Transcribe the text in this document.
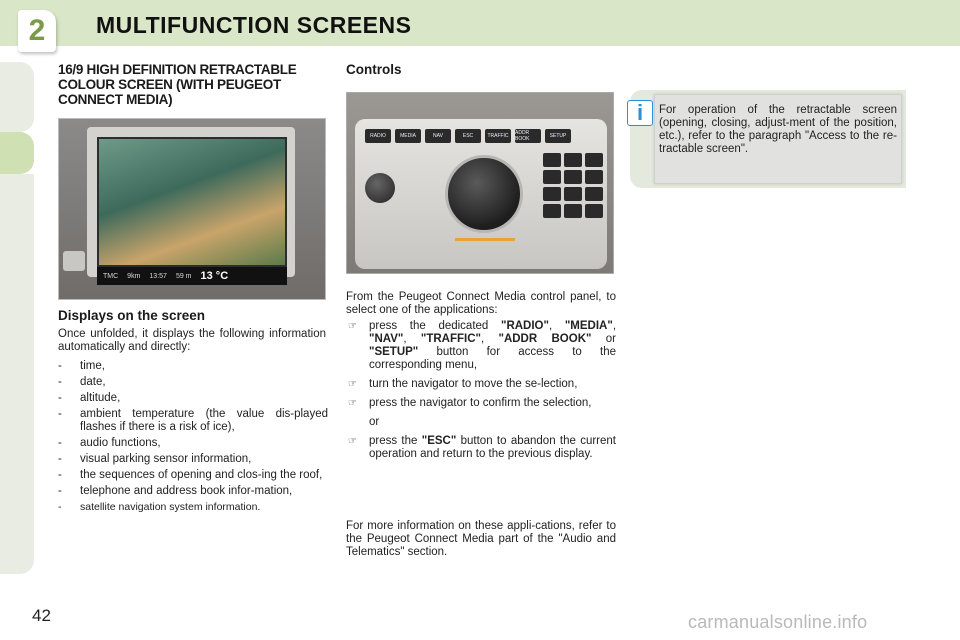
2 MULTIFUNCTION SCREENS
16/9 HIGH DEFINITION RETRACTABLE COLOUR SCREEN (WITH PEUGEOT CONNECT MEDIA)
TMC 9km 13:57 59 m 13 °C
Displays on the screen
Once unfolded, it displays the following information automatically and directly:
- time,
- date,
- altitude,
- ambient temperature (the value dis-played flashes if there is a risk of ice),
- audio functions,
- visual parking sensor information,
- the sequences of opening and clos-ing the roof,
- telephone and address book infor-mation,
- satellite navigation system information.
Controls
RADIO	MEDIA	NAV	ESC	TRAFFIC	ADDR BOOK	SETUP
From the Peugeot Connect Media control panel, to select one of the applications:
☞ press the dedicated "RADIO", "MEDIA", "NAV", "TRAFFIC", "ADDR BOOK" or "SETUP" button for access to the corresponding menu,
☞ turn the navigator to move the se-lection,
☞ press the navigator to confirm the selection,
or
☞ press the "ESC" button to abandon the current operation and return to the previous display.
For more information on these appli-cations, refer to the Peugeot Connect Media part of the "Audio and Telematics" section.
i For operation of the retractable screen (opening, closing, adjust-ment of the position, etc.), refer to the paragraph "Access to the re-tractable screen".
42	carmanualsonline.info
